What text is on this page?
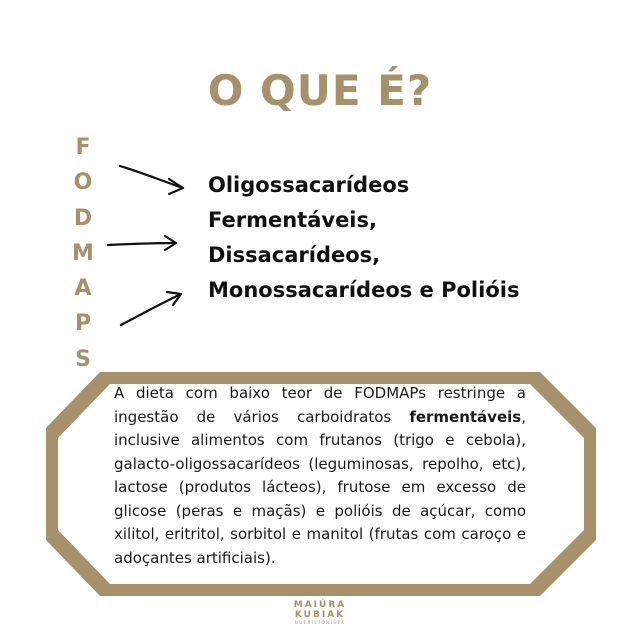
O QUE É?
F
O
D
M
A
P
S
Oligossacarídeos
Fermentáveis,
Dissacarídeos,
Monossacarídeos e Polióis

A dieta com baixo teor de FODMAPs restringe a ingestão de vários carboidratos fermentáveis, inclusive alimentos com frutanos (trigo e cebola), galacto-oligossacarídeos (leguminosas, repolho, etc), lactose (produtos lácteos), frutose em excesso de glicose (peras e maçãs) e polióis de açúcar, como xilitol, eritritol, sorbitol e manitol (frutas com caroço e adoçantes artificiais).

MAIÚRA
KUBIAK
NUTRICIONISTA
